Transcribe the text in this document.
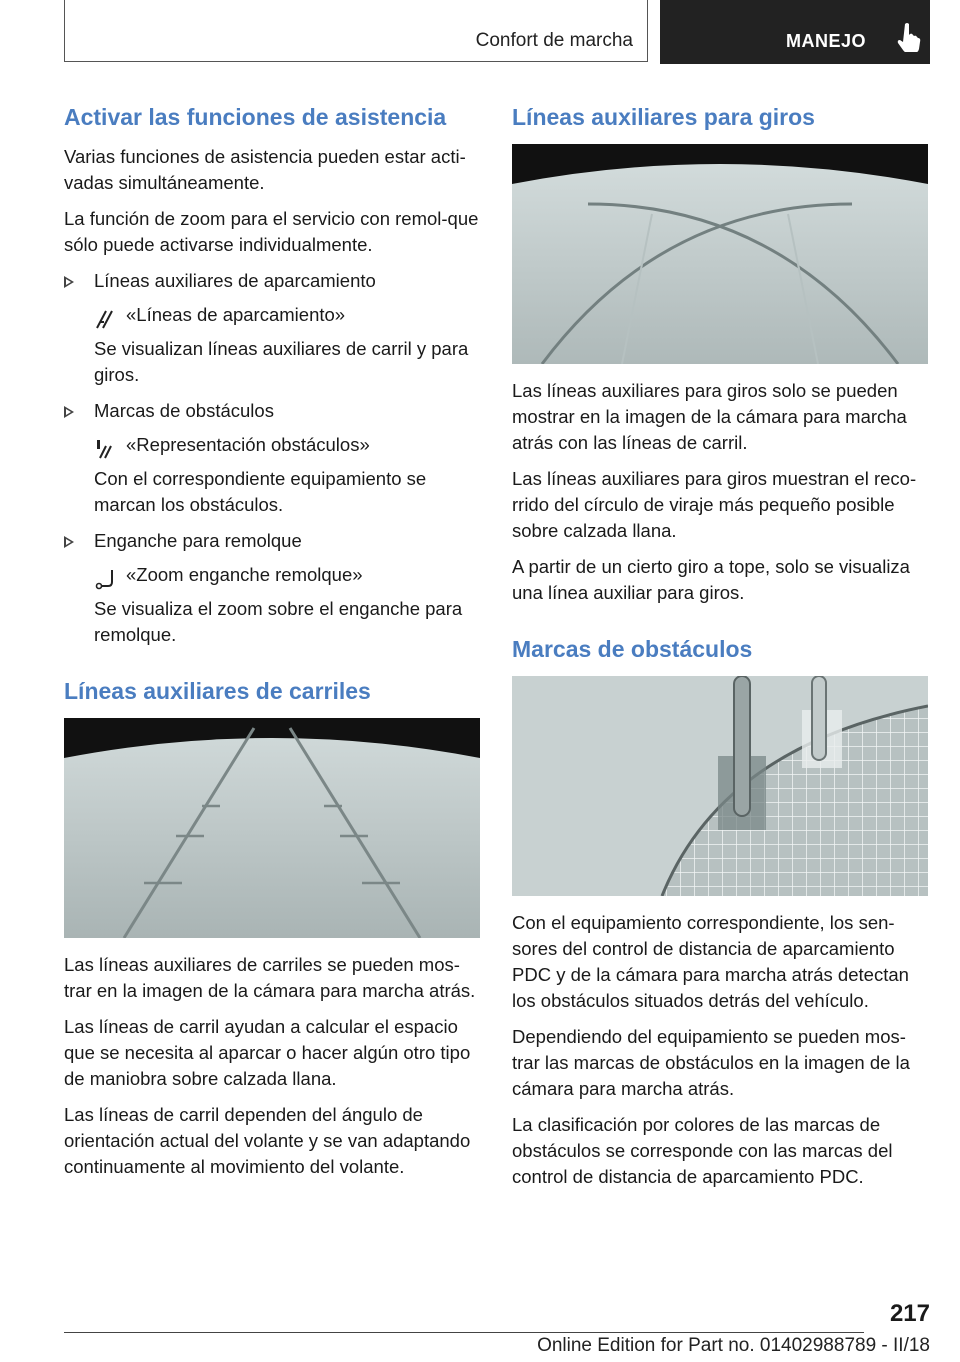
Confort de marcha	MANEJO
Activar las funciones de asistencia

Varias funciones de asistencia pueden estar acti-vadas simultáneamente.

La función de zoom para el servicio con remol-que sólo puede activarse individualmente.

Líneas auxiliares de aparcamiento

«Líneas de aparcamiento»

Se visualizan líneas auxiliares de carril y para giros.

Marcas de obstáculos

«Representación obstáculos»

Con el correspondiente equipamiento se marcan los obstáculos.

Enganche para remolque

«Zoom enganche remolque»

Se visualiza el zoom sobre el enganche para remolque.

Líneas auxiliares de carriles

Las líneas auxiliares de carriles se pueden mos-trar en la imagen de la cámara para marcha atrás.

Las líneas de carril ayudan a calcular el espacio que se necesita al aparcar o hacer algún otro tipo de maniobra sobre calzada llana.

Las líneas de carril dependen del ángulo de orientación actual del volante y se van adaptando continuamente al movimiento del volante.

Líneas auxiliares para giros

Las líneas auxiliares para giros solo se pueden mostrar en la imagen de la cámara para marcha atrás con las líneas de carril.

Las líneas auxiliares para giros muestran el reco-rrido del círculo de viraje más pequeño posible sobre calzada llana.

A partir de un cierto giro a tope, solo se visualiza una línea auxiliar para giros.

Marcas de obstáculos

Con el equipamiento correspondiente, los sen-sores del control de distancia de aparcamiento PDC y de la cámara para marcha atrás detectan los obstáculos situados detrás del vehículo.

Dependiendo del equipamiento se pueden mos-trar las marcas de obstáculos en la imagen de la cámara para marcha atrás.

La clasificación por colores de las marcas de obstáculos se corresponde con las marcas del control de distancia de aparcamiento PDC.

217
Online Edition for Part no. 01402988789 - II/18
